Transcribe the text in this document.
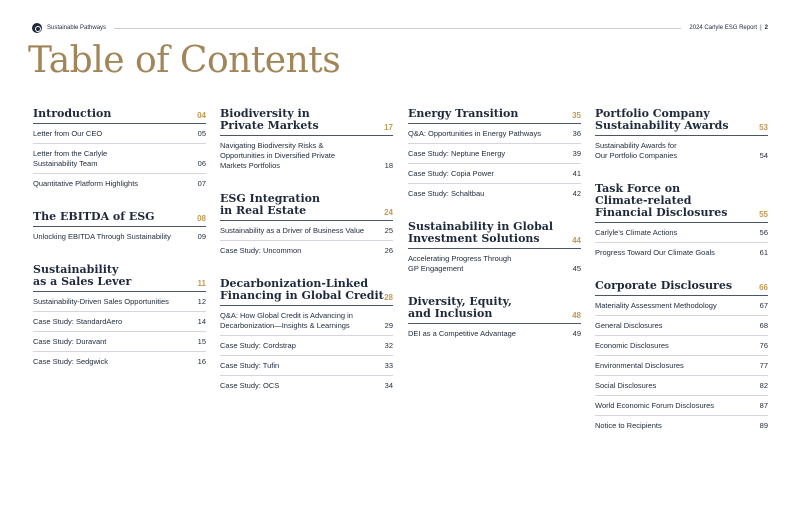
Sustainable Pathways	2024 Carlyle ESG Report | 2
Table of Contents
Introduction	04
Letter from Our CEO	05
Letter from the Carlyle
Sustainability Team	06
Quantitative Platform Highlights	07
The EBITDA of ESG	08
Unlocking EBITDA Through Sustainability	09
Sustainability
as a Sales Lever	11
Sustainability-Driven Sales Opportunities	12
Case Study: StandardAero	14
Case Study: Duravant	15
Case Study: Sedgwick	16
Biodiversity in
Private Markets	17
Navigating Biodiversity Risks &
Opportunities in Diversified Private
Markets Portfolios	18
ESG Integration
in Real Estate	24
Sustainability as a Driver of Business Value	25
Case Study: Uncommon	26
Decarbonization-Linked
Financing in Global Credit 28
Q&A: How Global Credit is Advancing in
Decarbonization—Insights & Learnings	29
Case Study: Cordstrap	32
Case Study: Tufin	33
Case Study: OCS	34
Energy Transition	35
Q&A: Opportunities in Energy Pathways	36
Case Study: Neptune Energy	39
Case Study: Copia Power	41
Case Study: Schaltbau	42
Sustainability in Global
Investment Solutions	44
Accelerating Progress Through
GP Engagement	45
Diversity, Equity,
and Inclusion	48
DEI as a Competitive Advantage	49
Portfolio Company
Sustainability Awards	53
Sustainability Awards for
Our Portfolio Companies	54
Task Force on
Climate-related
Financial Disclosures	55
Carlyle's Climate Actions	56
Progress Toward Our Climate Goals	61
Corporate Disclosures	66
Materiality Assessment Methodology	67
General Disclosures	68
Economic Disclosures	76
Environmental Disclosures	77
Social Disclosures	82
World Economic Forum Disclosures	87
Notice to Recipients	89
